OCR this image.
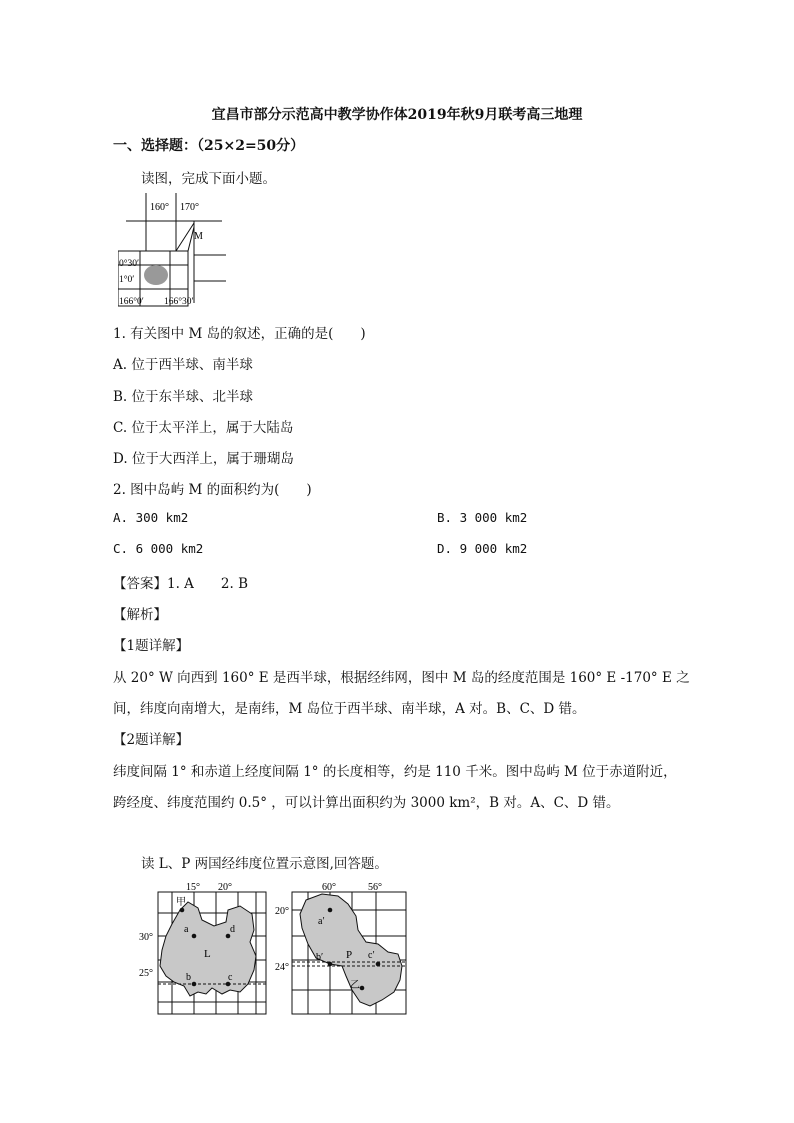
宜昌市部分示范高中教学协作体2019年秋9月联考高三地理
一、选择题：（25×2=50分）
读图，完成下面小题。
160° 170°
M
0°30′
1°0′
166°0′ 166°30′
1. 有关图中 M 岛的叙述，正确的是(　　)
A. 位于西半球、南半球
B. 位于东半球、北半球
C. 位于太平洋上，属于大陆岛
D. 位于大西洋上，属于珊瑚岛
2. 图中岛屿 M 的面积约为(　　)
A. 300 km2	B. 3 000 km2
C. 6 000 km2	D. 9 000 km2
【答案】1. A　　2. B
【解析】
【1题详解】
从 20° W 向西到 160° E 是西半球，根据经纬网，图中 M 岛的经度范围是 160° E -170° E 之
间，纬度向南增大，是南纬，M 岛位于西半球、南半球，A 对。B、C、D 错。
【2题详解】
纬度间隔 1° 和赤道上经度间隔 1° 的长度相等，约是 110 千米。图中岛屿 M 位于赤道附近，
跨经度、纬度范围约 0.5° ，可以计算出面积约为 3000 km²，B 对。A、C、D 错。
读 L、P 两国经纬度位置示意图,回答题。
15° 20°
30°
25°
甲
a	d
L
b	c
60°	56°
20°
24°
a′
b′ P c′
乙
